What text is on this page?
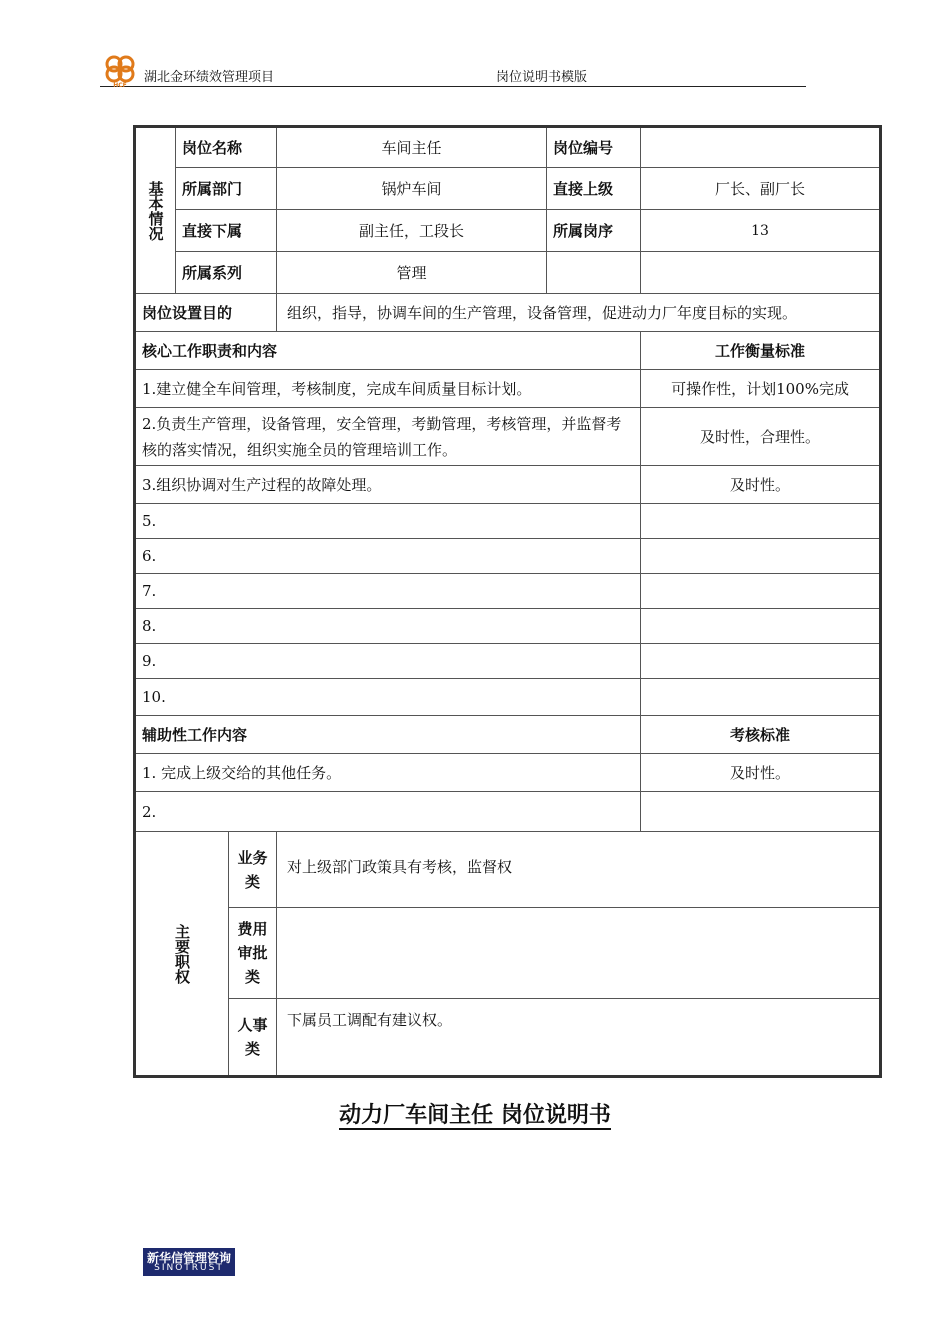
HCF
湖北金环绩效管理项目	岗位说明书模版
基本情况	岗位名称		车间主任	岗位编号	
	所属部门		锅炉车间	直接上级	厂长、副厂长
	直接下属		副主任，工段长	所属岗序	13
	所属系列		管理		
岗位设置目的			组织，指导，协调车间的生产管理，设备管理，促进动力厂年度目标的实现。		
核心工作职责和内容					工作衡量标准
1.建立健全车间管理，考核制度，完成车间质量目标计划。					可操作性，计划100%完成
2.负责生产管理，设备管理，安全管理，考勤管理，考核管理，并监督考核的落实情况，组织实施全员的管理培训工作。					及时性，合理性。
3.组织协调对生产过程的故障处理。					及时性。
5.					
6.					
7.					
8.					
9.					
10.					
辅助性工作内容					考核标准
1. 完成上级交给的其他任务。					及时性。
2.					
主要职权		业务类	对上级部门政策具有考核，监督权		
		费用审批类			
		人事类	下属员工调配有建议权。		
动力厂车间主任 岗位说明书
新华信管理咨询
SINOTRUST
